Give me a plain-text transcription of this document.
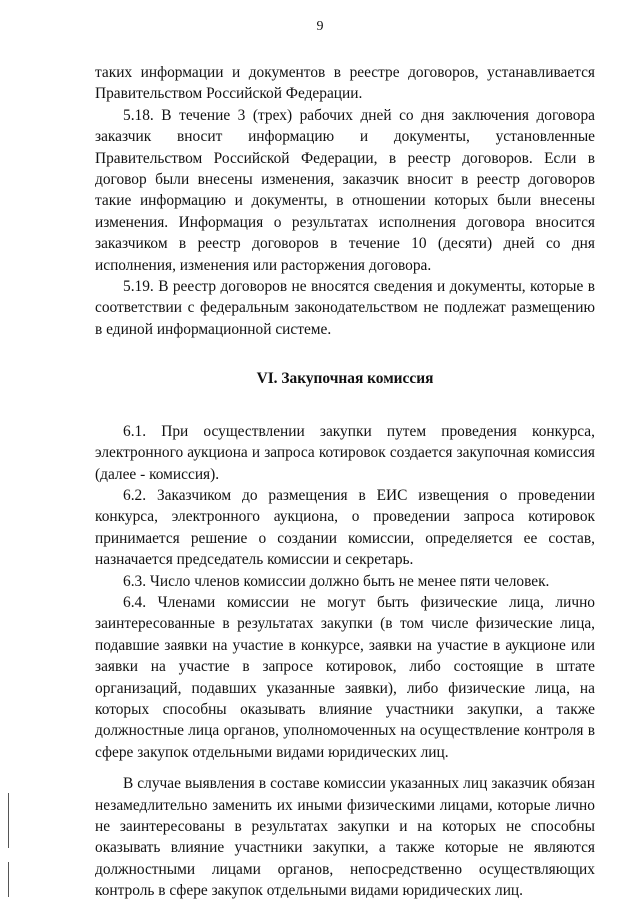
9

таких информации и документов в реестре договоров, устанавливается Правительством Российской Федерации.

5.18. В течение 3 (трех) рабочих дней со дня заключения договора заказчик вносит информацию и документы, установленные Правительством Российской Федерации, в реестр договоров. Если в договор были внесены изменения, заказчик вносит в реестр договоров такие информацию и документы, в отношении которых были внесены изменения. Информация о результатах исполнения договора вносится заказчиком в реестр договоров в течение 10 (десяти) дней со дня исполнения, изменения или расторжения договора.

5.19. В реестр договоров не вносятся сведения и документы, которые в соответствии с федеральным законодательством не подлежат размещению в единой информационной системе.

VI. Закупочная комиссия

6.1. При осуществлении закупки путем проведения конкурса, электронного аукциона и запроса котировок создается закупочная комиссия (далее - комиссия).

6.2. Заказчиком до размещения в ЕИС извещения о проведении конкурса, электронного аукциона, о проведении запроса котировок принимается решение о создании комиссии, определяется ее состав, назначается председатель комиссии и секретарь.

6.3. Число членов комиссии должно быть не менее пяти человек.

6.4. Членами комиссии не могут быть физические лица, лично заинтересованные в результатах закупки (в том числе физические лица, подавшие заявки на участие в конкурсе, заявки на участие в аукционе или заявки на участие в запросе котировок, либо состоящие в штате организаций, подавших указанные заявки), либо физические лица, на которых способны оказывать влияние участники закупки, а также должностные лица органов, уполномоченных на осуществление контроля в сфере закупок отдельными видами юридических лиц.

В случае выявления в составе комиссии указанных лиц заказчик обязан незамедлительно заменить их иными физическими лицами, которые лично не заинтересованы в результатах закупки и на которых не способны оказывать влияние участники закупки, а также которые не являются должностными лицами органов, непосредственно осуществляющих контроль в сфере закупок отдельными видами юридических лиц.
